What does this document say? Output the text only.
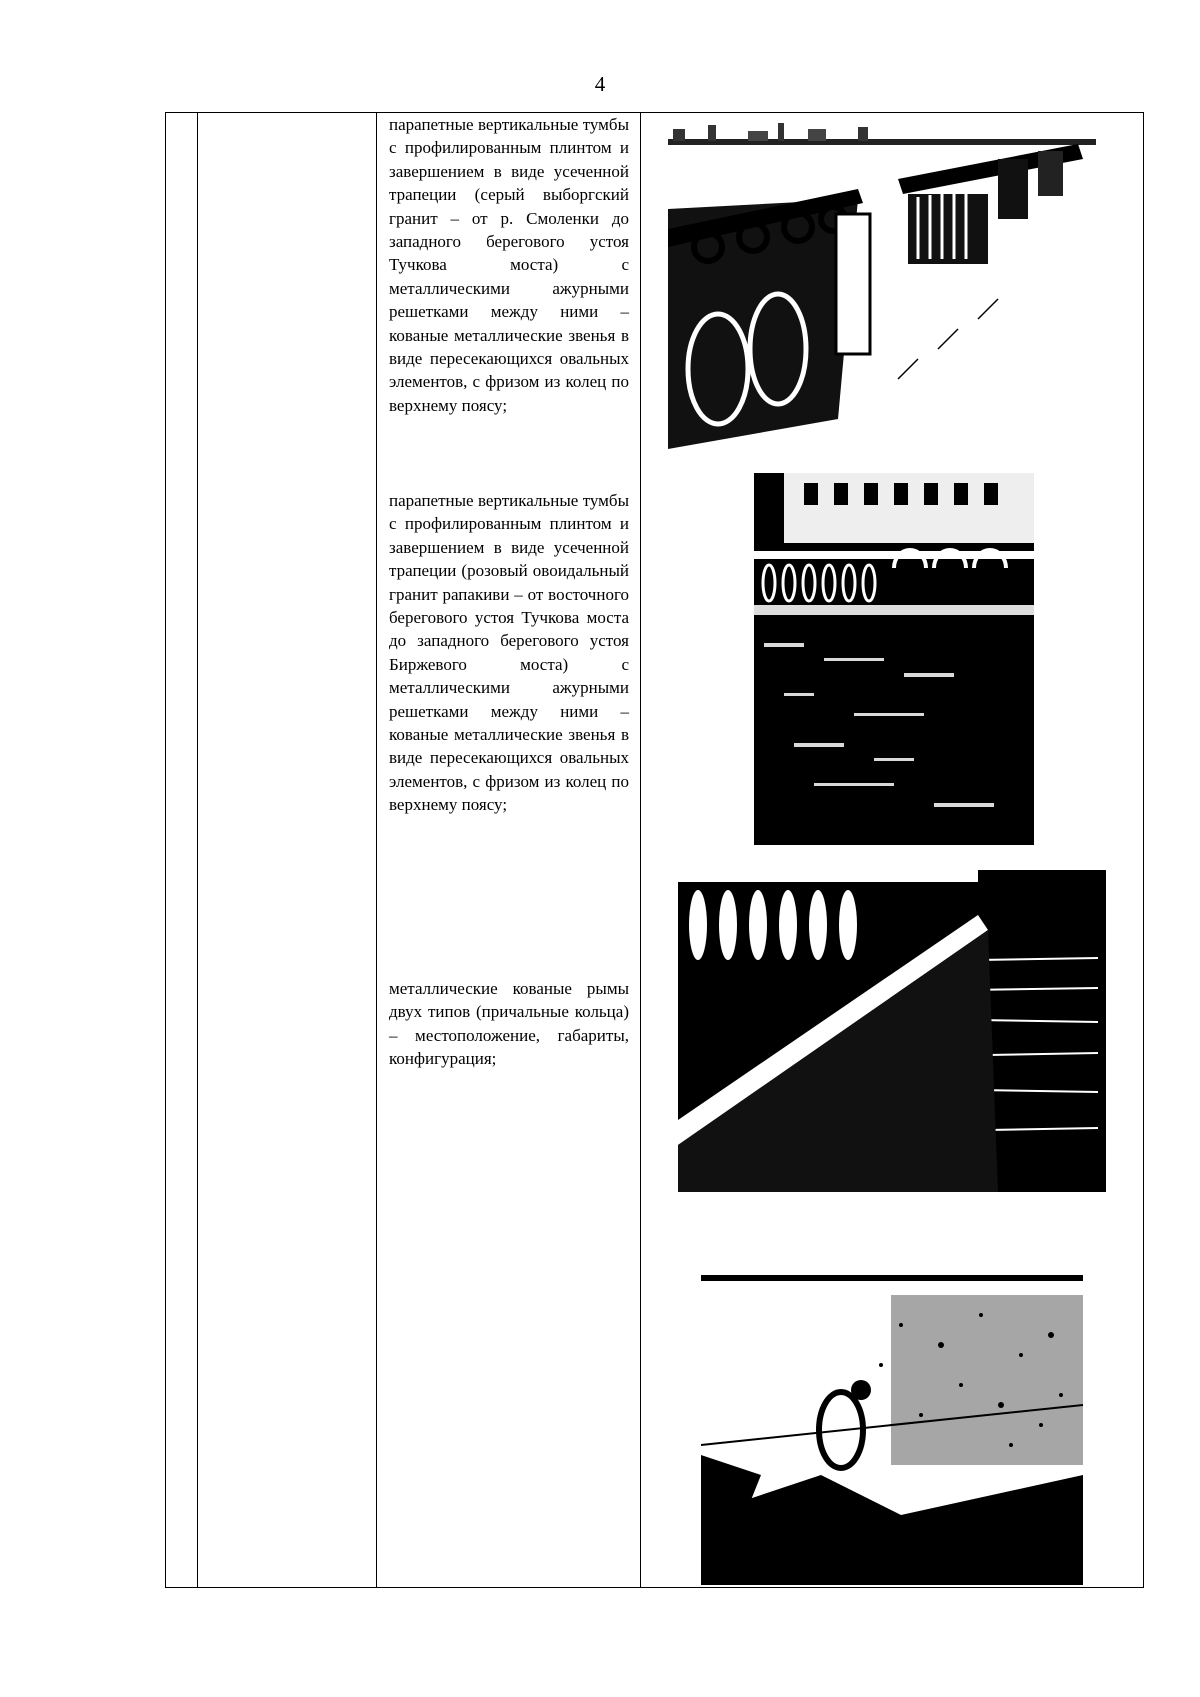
4

парапетные вертикальные тумбы с профилированным плинтом и завершением в виде усеченной трапеции (серый выборгский гранит – от р. Смоленки до западного берегового устоя Тучкова моста) с металлическими ажурными решетками между ними – кованые металлические звенья в виде пересекающихся овальных элементов, с фризом из колец по верхнему поясу;
парапетные вертикальные тумбы с профилированным плинтом и завершением в виде усеченной трапеции (розовый овоидальный гранит рапакиви – от восточного берегового устоя Тучкова моста до западного берегового устоя Биржевого моста) с металлическими ажурными решетками между ними – кованые металлические звенья в виде пересекающихся овальных элементов, с фризом из колец по верхнему поясу;
металлические кованые рымы двух типов (причальные кольца) – местоположение, габариты, конфигурация;
